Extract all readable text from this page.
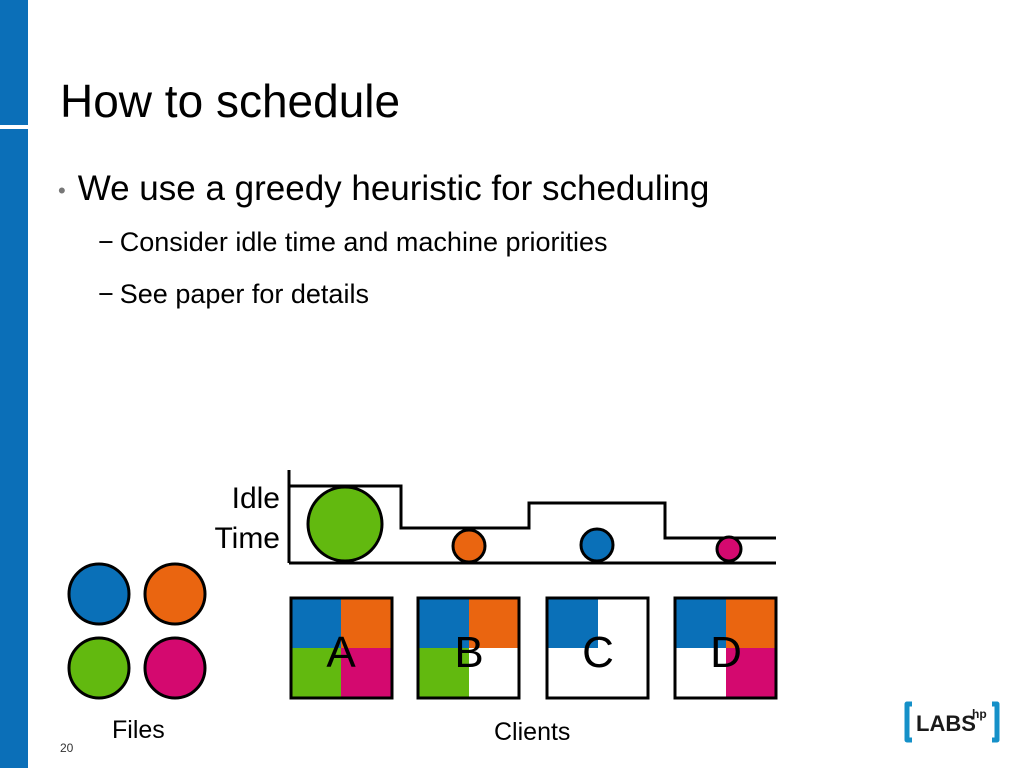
How to schedule
• We use a greedy heuristic for scheduling
− Consider idle time and machine priorities
− See paper for details
Idle
Time
A B C D
Files	Clients
20
LABS
hp
